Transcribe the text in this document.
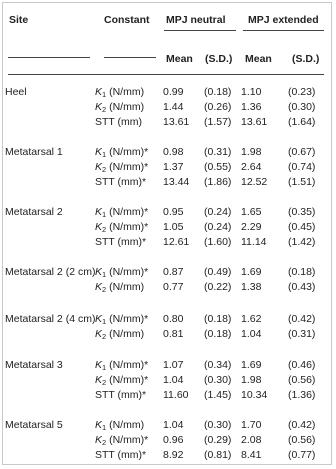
Site	Constant MPJ neutral MPJ extended
Mean (S.D.) Mean (S.D.)
Heel	$K_1$ (N/mm) 0.99 (0.18) 1.10	(0.23)
$K_2$ (N/mm) 1.44 (0.26) 1.36	(0.30)
STT (mm) 13.61 (1.57) 13.61 (1.64)
Metatarsal 1	$K_1$ (N/mm)* 0.98 (0.31) 1.98	(0.67)
$K_2$ (N/mm)* 1.37 (0.55) 2.64	(0.74)
STT (mm)* 13.44 (1.86) 12.52 (1.51)
Metatarsal 2	$K_1$ (N/mm)* 0.95 (0.24) 1.65	(0.35)
$K_2$ (N/mm)* 1.05 (0.24) 2.29	(0.45)
STT (mm)* 12.61 (1.60) 11.14 (1.42)
Metatarsal 2 (2 cm) $K_1$ (N/mm)* 0.87 (0.49) 1.69	(0.18)
$K_2$ (N/mm) 0.77 (0.22) 1.38	(0.43)
Metatarsal 2 (4 cm) $K_1$ (N/mm)* 0.80 (0.18) 1.62	(0.42)
$K_2$ (N/mm) 0.81 (0.18) 1.04	(0.31)
Metatarsal 3	$K_1$ (N/mm)* 1.07 (0.34) 1.69	(0.46)
$K_2$ (N/mm)* 1.04 (0.30) 1.98	(0.56)
STT (mm)* 11.60 (1.45) 10.34 (1.36)
Metatarsal 5	$K_1$ (N/mm) 1.04 (0.30) 1.70	(0.42)
$K_2$ (N/mm)* 0.96 (0.29) 2.08	(0.56)
STT (mm)* 8.92 (0.81) 8.41	(0.77)
